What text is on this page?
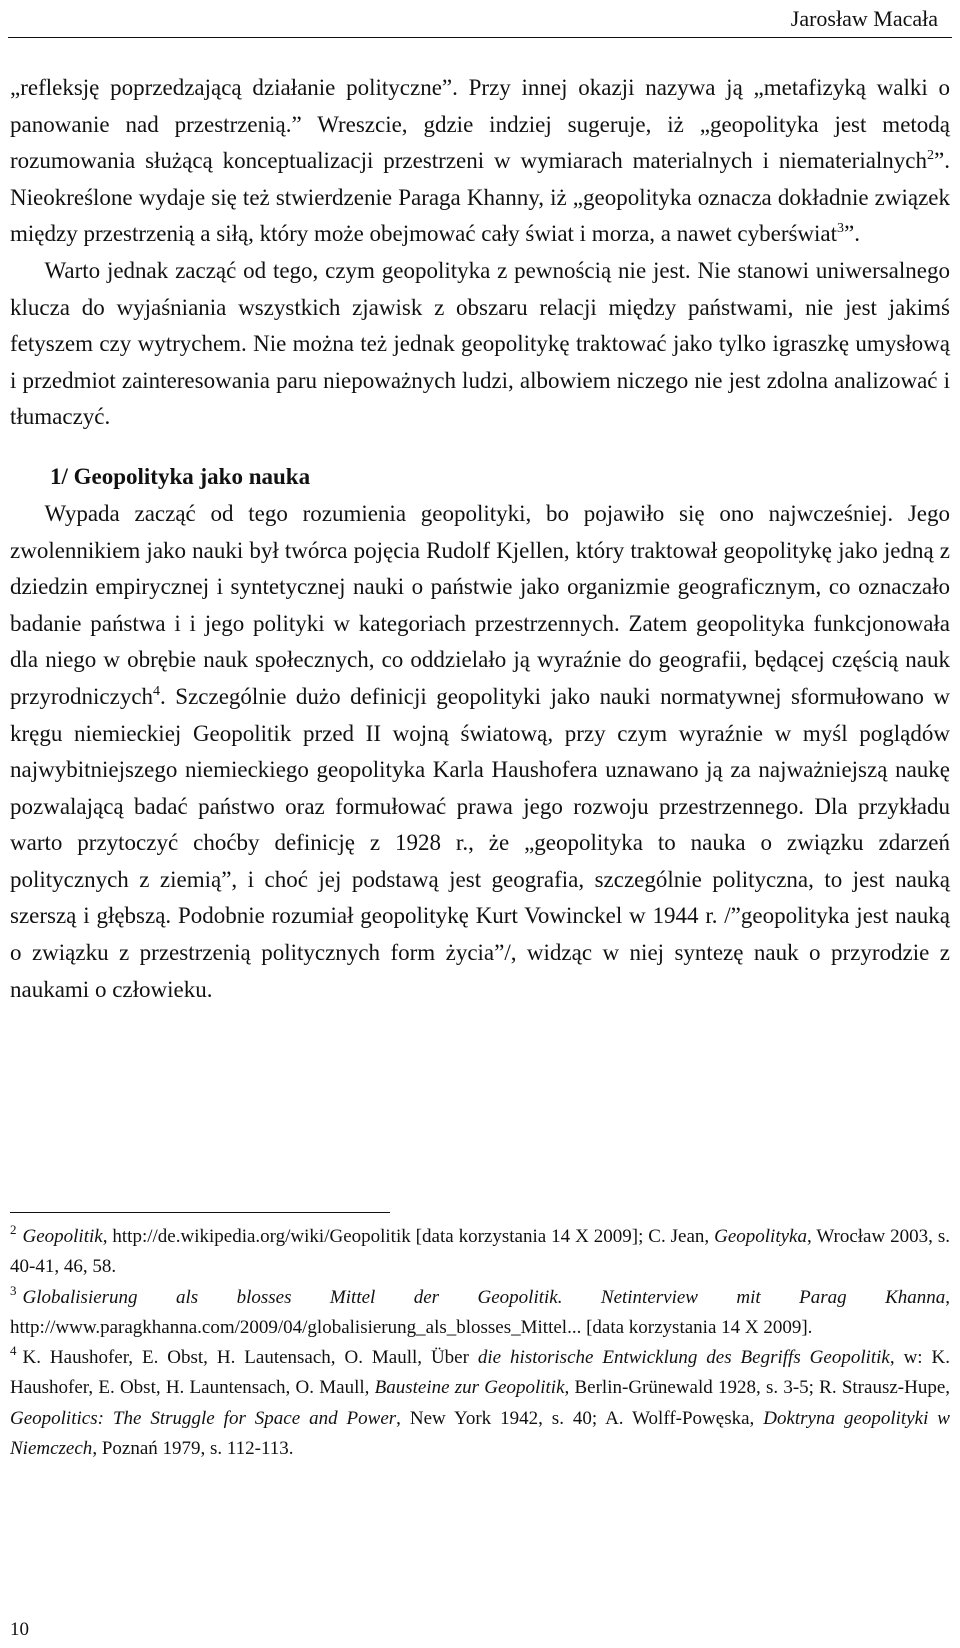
Jarosław Macała

„refleksję poprzedzającą działanie polityczne”. Przy innej okazji nazywa ją „metafizyką walki o panowanie nad przestrzenią.” Wreszcie, gdzie indziej sugeruje, iż „geopolityka jest metodą rozumowania służącą konceptualizacji przestrzeni w wymiarach materialnych i niematerialnych$^2$”. Nieokreślone wydaje się też stwierdzenie Paraga Khanny, iż „geopolityka oznacza dokładnie związek między przestrzenią a siłą, który może obejmować cały świat i morza, a nawet cyberświat$^3$”.

Warto jednak zacząć od tego, czym geopolityka z pewnością nie jest. Nie stanowi uniwersalnego klucza do wyjaśniania wszystkich zjawisk z obszaru relacji między państwami, nie jest jakimś fetyszem czy wytrychem. Nie można też jednak geopolitykę traktować jako tylko igraszkę umysłową i przedmiot zainteresowania paru niepoważnych ludzi, albowiem niczego nie jest zdolna analizować i tłumaczyć.

1/ Geopolityka jako nauka

Wypada zacząć od tego rozumienia geopolityki, bo pojawiło się ono najwcześniej. Jego zwolennikiem jako nauki był twórca pojęcia Rudolf Kjellen, który traktował geopolitykę jako jedną z dziedzin empirycznej i syntetycznej nauki o państwie jako organizmie geograficznym, co oznaczało badanie państwa i i jego polityki w kategoriach przestrzennych. Zatem geopolityka funkcjonowała dla niego w obrębie nauk społecznych, co oddzielało ją wyraźnie do geografii, będącej częścią nauk przyrodniczych$^4$. Szczególnie dużo definicji geopolityki jako nauki normatywnej sformułowano w kręgu niemieckiej Geopolitik przed II wojną światową, przy czym wyraźnie w myśl poglądów najwybitniejszego niemieckiego geopolityka Karla Haushofera uznawano ją za najważniejszą naukę pozwalającą badać państwo oraz formułować prawa jego rozwoju przestrzennego. Dla przykładu warto przytoczyć choćby definicję z 1928 r., że „geopolityka to nauka o związku zdarzeń politycznych z ziemią”, i choć jej podstawą jest geografia, szczególnie polityczna, to jest nauką szerszą i głębszą. Podobnie rozumiał geopolitykę Kurt Vowinckel w 1944 r. /”geopolityka jest nauką o związku z przestrzenią politycznych form życia”/, widząc w niej syntezę nauk o przyrodzie z naukami o człowieku.

$^2$ Geopolitik, http://de.wikipedia.org/wiki/Geopolitik [data korzystania 14 X 2009]; C. Jean, Geopolityka, Wrocław 2003, s. 40-41, 46, 58.

$^3$ Globalisierung als blosses Mittel der Geopolitik. Netinterview mit Parag Khanna, http://www.paragkhanna.com/2009/04/globalisierung_als_blosses_Mittel... [data korzystania 14 X 2009].

$^4$ K. Haushofer, E. Obst, H. Lautensach, O. Maull, Über die historische Entwicklung des Begriffs Geopolitik, w: K. Haushofer, E. Obst, H. Launtensach, O. Maull, Bausteine zur Geopolitik, Berlin-Grünewald 1928, s. 3-5; R. Strausz-Hupe, Geopolitics: The Struggle for Space and Power, New York 1942, s. 40; A. Wolff-Powęska, Doktryna geopolityki w Niemczech, Poznań 1979, s. 112-113.

10
